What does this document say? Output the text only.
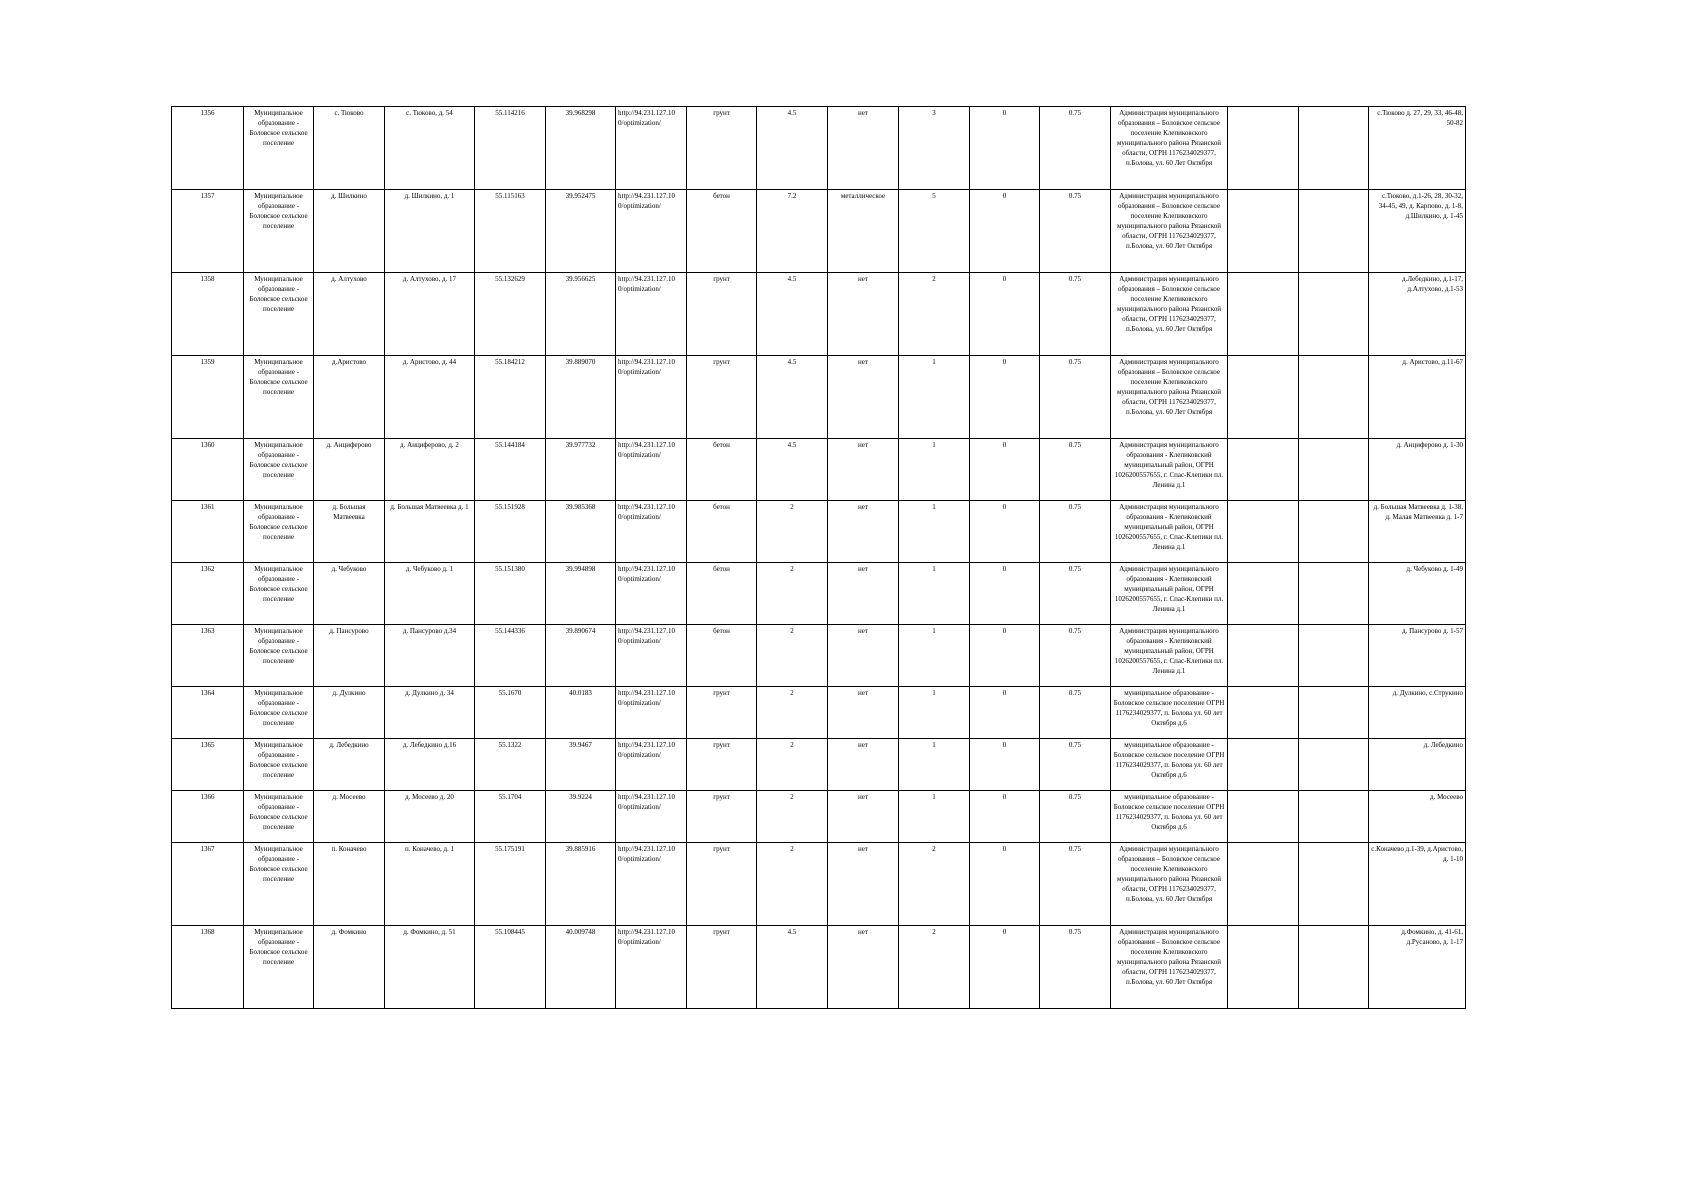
1356	Муниципальное образование - Боловское сельское поселение	с. Тюково	с. Тюково, д. 54	55.114216	39.968298	http://94.231.127.10 0/optimization/	грунт	4.5	нет	3	0	0.75	Администрация муниципального образования – Боловское сельское поселение Клепиковского муниципального района Рязанской области, ОГРН 1176234029377, п.Болова, ул. 60 Лет Октября			с.Тюково д. 27, 29, 33, 46-48, 50-82
1357	Муниципальное образование - Боловское сельское поселение	д. Шилкино	д. Шилкино, д. 1	55.115163	39.952475	http://94.231.127.10 0/optimization/	бетон	7.2	металлическое	5	0	0.75	Администрация муниципального образования – Боловское сельское поселение Клепиковского муниципального района Рязанской области, ОГРН 1176234029377, п.Болова, ул. 60 Лет Октября			с.Тюково, д.1-26, 28, 30-32, 34-45, 49, д. Карпово, д. 1-8, д.Шилкино, д. 1-45
1358	Муниципальное образование - Боловское сельское поселение	д. Алтухово	д. Алтухово, д. 17	55.132629	39.956625	http://94.231.127.10 0/optimization/	грунт	4.5	нет	2	0	0.75	Администрация муниципального образования – Боловское сельское поселение Клепиковского муниципального района Рязанской области, ОГРН 1176234029377, п.Болова, ул. 60 Лет Октября			д.Лебедкино, д.1-17, д.Алтухово, д.1-53
1359	Муниципальное образование - Боловское сельское поселение	д.Аристово	д. Аристово, д. 44	55.184212	39.889070	http://94.231.127.10 0/optimization/	грунт	4.5	нет	1	0	0.75	Администрация муниципального образования – Боловское сельское поселение Клепиковского муниципального района Рязанской области, ОГРН 1176234029377, п.Болова, ул. 60 Лет Октября			д. Аристово, д.11-67
1360	Муниципальное образование - Боловское сельское поселение	д. Анциферово	д. Анциферово, д. 2	55.144184	39.977732	http://94.231.127.10 0/optimization/	бетон	4.5	нет	1	0	0.75	Администрация муниципального образования - Клепиковский муниципальный район, ОГРН 1026200557655, г. Спас-Клепики пл. Ленина д.1			д. Анциферово д. 1-30
1361	Муниципальное образование - Боловское сельское поселение	д. Большая Матвеевка	д. Большая Матвеевка д. 1	55.151928	39.985368	http://94.231.127.10 0/optimization/	бетон	2	нет	1	0	0.75	Администрация муниципального образования - Клепиковский муниципальный район, ОГРН 1026200557655, г. Спас-Клепики пл. Ленина д.1			д. Большая Матвеевка д. 1-38, д. Малая Матвеевка д. 1-7
1362	Муниципальное образование - Боловское сельское поселение	д. Чебуково	д. Чебуково д. 1	55.151380	39.994898	http://94.231.127.10 0/optimization/	бетон	2	нет	1	0	0.75	Администрация муниципального образования - Клепиковский муниципальный район, ОГРН 1026200557655, г. Спас-Клепики пл. Ленина д.1			д. Чебуково д. 1-49
1363	Муниципальное образование - Боловское сельское поселение	д. Пансурово	д. Пансурово д.34	55.144336	39.890674	http://94.231.127.10 0/optimization/	бетон	2	нет	1	0	0.75	Администрация муниципального образования - Клепиковский муниципальный район, ОГРН 1026200557655, г. Спас-Клепики пл. Ленина д.1			д. Пансурово д. 1-57
1364	Муниципальное образование - Боловское сельское поселение	д. Дулкино	д. Дулкино д. 34	55.1670	40.0183	http://94.231.127.10 0/optimization/	грунт	2	нет	1	0	0.75	муниципальное образование - Боловское сельское поселение ОГРН 1176234029377, п. Болова ул. 60 лет Октября д.6			д. Дулкино, с.Струкино
1365	Муниципальное образование - Боловское сельское поселение	д. Лебедкино	д. Лебедкино д.16	55.1322	39.9467	http://94.231.127.10 0/optimization/	грунт	2	нет	1	0	0.75	муниципальное образование - Боловское сельское поселение ОГРН 1176234029377, п. Болова ул. 60 лет Октября д.6			д. Лебедкино
1366	Муниципальное образование - Боловское сельское поселение	д. Мосеево	д. Мосеево д. 20	55.1704	39.9224	http://94.231.127.10 0/optimization/	грунт	2	нет	1	0	0.75	муниципальное образование - Боловское сельское поселение ОГРН 1176234029377, п. Болова ул. 60 лет Октября д.6			д. Мосеево
1367	Муниципальное образование - Боловское сельское поселение	п. Коначево	п. Коначево, д. 1	55.175191	39.885916	http://94.231.127.10 0/optimization/	грунт	2	нет	2	0	0.75	Администрация муниципального образования – Боловское сельское поселение Клепиковского муниципального района Рязанской области, ОГРН 1176234029377, п.Болова, ул. 60 Лет Октября			с.Коначево д.1-39, д.Аристово, д. 1-10
1368	Муниципальное образование - Боловское сельское поселение	д. Фомкино	д. Фомкино, д. 51	55.108445	40.009748	http://94.231.127.10 0/optimization/	грунт	4.5	нет	2	0	0.75	Администрация муниципального образования – Боловское сельское поселение Клепиковского муниципального района Рязанской области, ОГРН 1176234029377, п.Болова, ул. 60 Лет Октября			д.Фомкино, д. 41-61, д.Русаново, д. 1-17
